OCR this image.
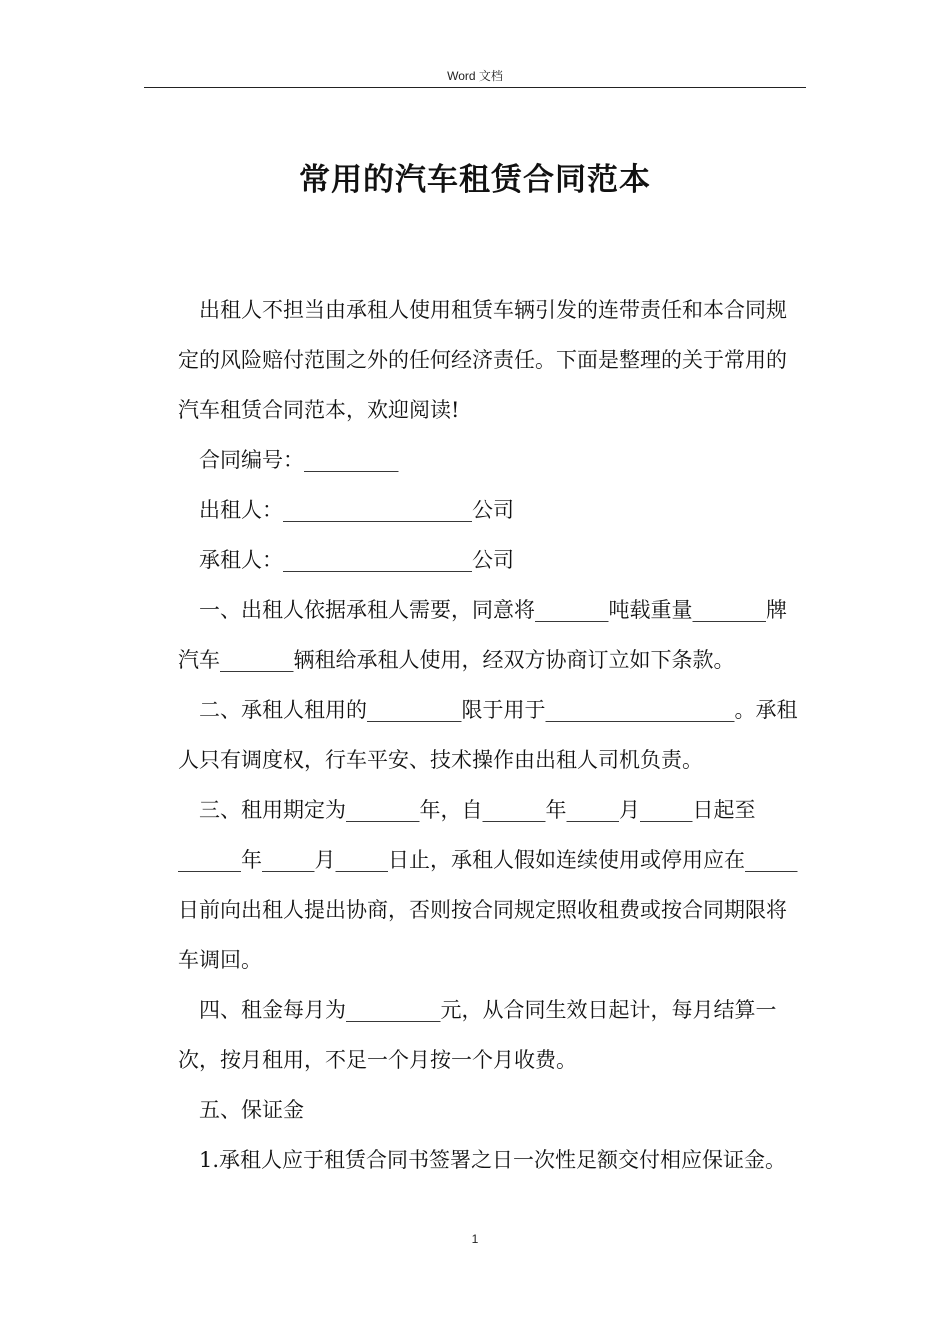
Word 文档
常用的汽车租赁合同范本

出租人不担当由承租人使用租赁车辆引发的连带责任和本合同规定的风险赔付范围之外的任何经济责任。下面是整理的关于常用的汽车租赁合同范本，欢迎阅读!

合同编号：_________

出租人：__________________公司

承租人：__________________公司

一、出租人依据承租人需要，同意将_______吨载重量_______牌汽车_______辆租给承租人使用，经双方协商订立如下条款。

二、承租人租用的_________限于用于__________________。承租人只有调度权，行车平安、技术操作由出租人司机负责。

三、租用期定为_______年，自______年_____月_____日起至______年_____月_____日止，承租人假如连续使用或停用应在_____日前向出租人提出协商，否则按合同规定照收租费或按合同期限将车调回。

四、租金每月为_________元，从合同生效日起计，每月结算一次，按月租用，不足一个月按一个月收费。

五、保证金

1.承租人应于租赁合同书签署之日一次性足额交付相应保证金。

1
